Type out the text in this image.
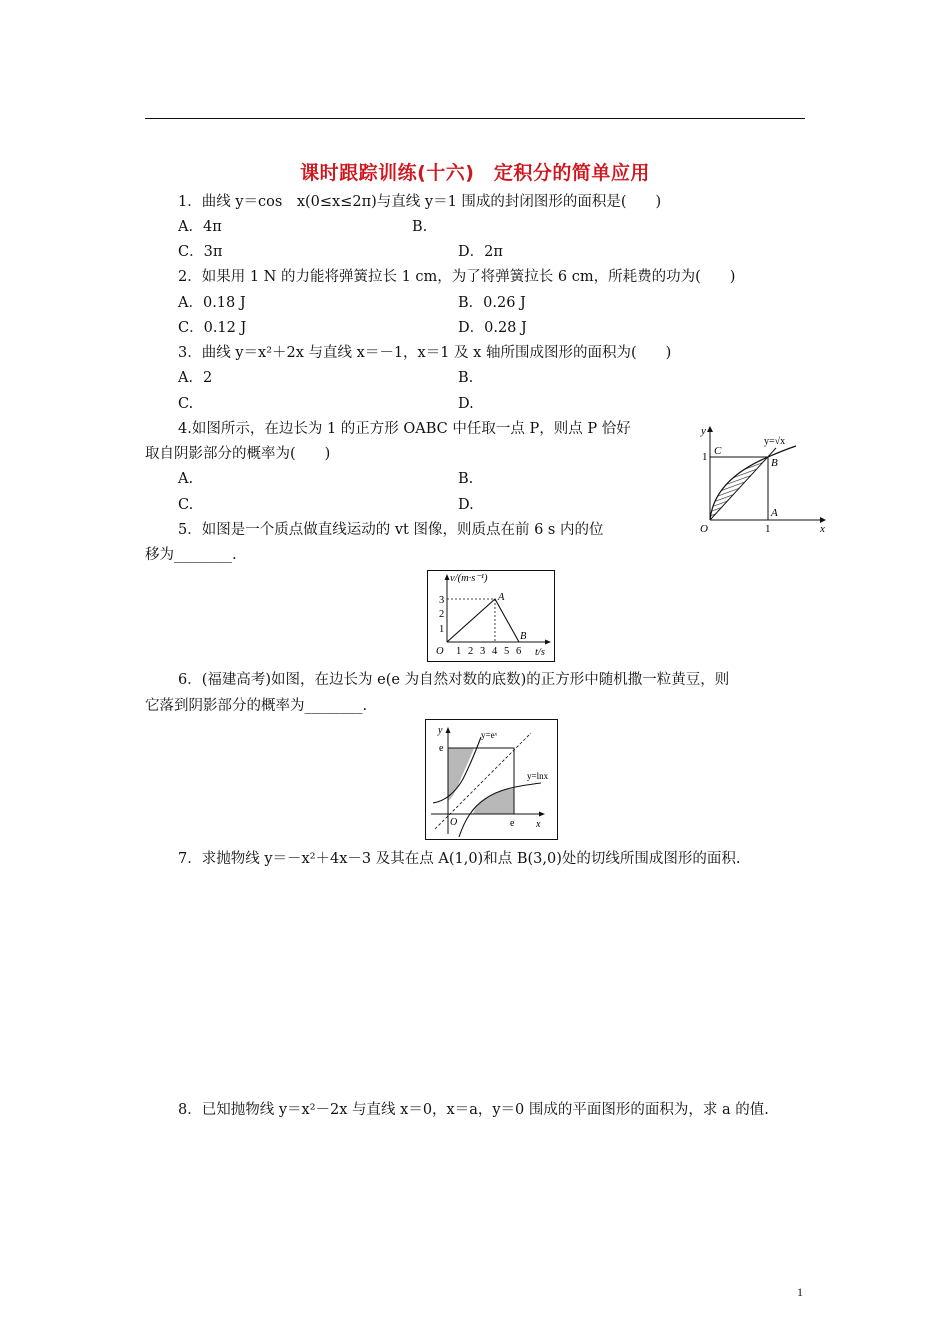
课时跟踪训练(十六)　定积分的简单应用
1．曲线 y＝cos　x(0≤x≤2π)与直线 y＝1 围成的封闭图形的面积是(　　)
A．4π	B.
C．3π	D．2π
2．如果用 1 N 的力能将弹簧拉长 1 cm，为了将弹簧拉长 6 cm，所耗费的功为(　　)
A．0.18 J	B．0.26 J
C．0.12 J	D．0.28 J
3．曲线 y＝x²＋2x 与直线 x＝－1，x＝1 及 x 轴所围成图形的面积为(　　)
A．2	B.
C.	D.
4.如图所示，在边长为 1 的正方形 OABC 中任取一点 P，则点 P 恰好
取自阴影部分的概率为(　　)
A.	B.
C.	D.
y
x
O
1
1
C
B
A
y=√x
5．如图是一个质点做直线运动的 vt 图像，则质点在前 6 s 内的位
移为________.
v/(m·s⁻¹)
t/s
O
1
2
3
1 2 3 4 5 6
A
B
6．(福建高考)如图，在边长为 e(e 为自然对数的底数)的正方形中随机撒一粒黄豆，则
它落到阴影部分的概率为________.
y
x
O
e
e
y=eˣ
y=lnx
7．求抛物线 y＝－x²＋4x－3 及其在点 A(1,0)和点 B(3,0)处的切线所围成图形的面积.
8．已知抛物线 y＝x²－2x 与直线 x＝0，x＝a，y＝0 围成的平面图形的面积为，求 a 的值.
1
